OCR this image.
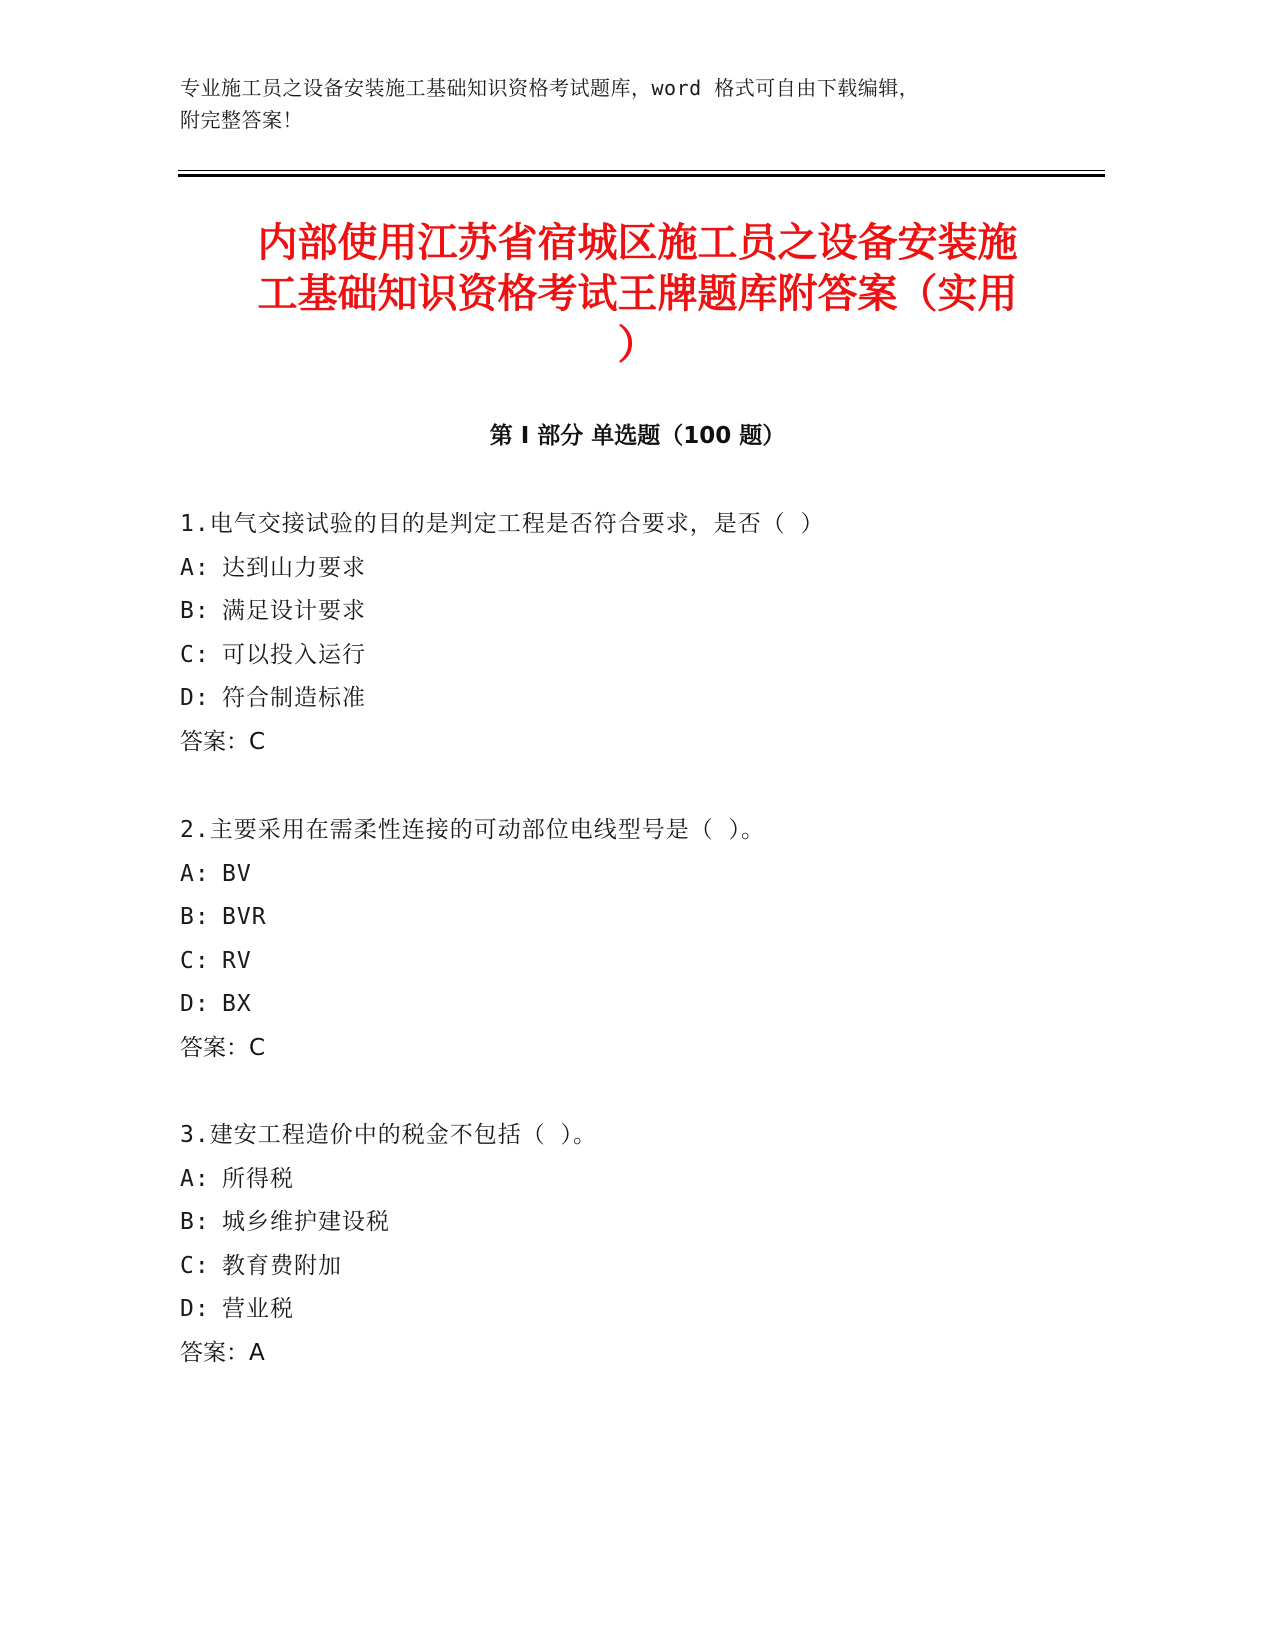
专业施工员之设备安装施工基础知识资格考试题库，word 格式可自由下载编辑，
附完整答案！
内部使用江苏省宿城区施工员之设备安装施
工基础知识资格考试王牌题库附答案（实用
）
第 I 部分 单选题（100 题）
1.电气交接试验的目的是判定工程是否符合要求，是否（ ）
A: 达到山力要求
B: 满足设计要求
C: 可以投入运行
D: 符合制造标准
答案：C
2.主要采用在需柔性连接的可动部位电线型号是（ ）。
A: BV
B: BVR
C: RV
D: BX
答案：C
3.建安工程造价中的税金不包括（ ）。
A: 所得税
B: 城乡维护建设税
C: 教育费附加
D: 营业税
答案：A
